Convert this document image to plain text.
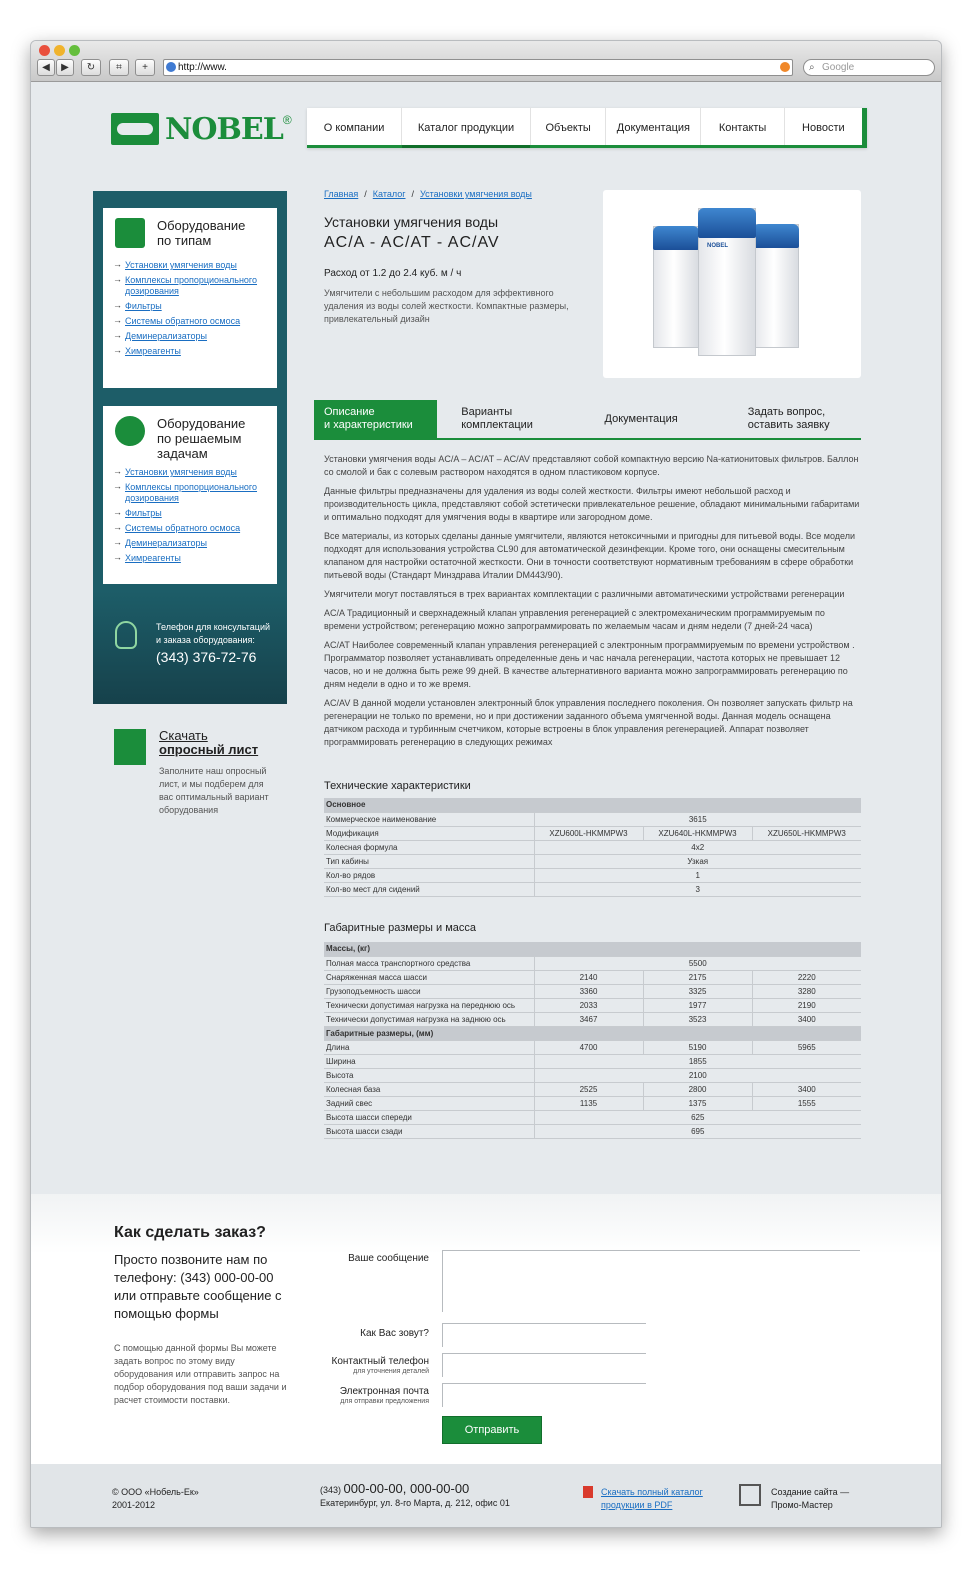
◀	▶	↻	⌗	+	http://www.	⌕ Google
NOBEL ®
О компании	Каталог продукции	Объекты	Документация	Контакты	Новости
Оборудование
по типам
→ Установки умягчения воды
→ Комплексы пропорционального дозирования
→ Фильтры
→ Системы обратного осмоса
→ Деминерализаторы
→ Химреагенты
Оборудование
по решаемым
задачам
→ Установки умягчения воды
→ Комплексы пропорционального дозирования
→ Фильтры
→ Системы обратного осмоса
→ Деминерализаторы
→ Химреагенты
Телефон для консультаций
и заказа оборудования:
(343) 376-72-76
Скачать
опросный лист
Заполните наш опросный лист, и мы подберем для вас оптимальный вариант оборудования
Главная / Каталог / Установки умягчения воды
Установки умягчения воды
AC/A - AC/AT - AC/AV
Расход от 1.2 до 2.4 куб. м / ч
Умягчители с небольшим расходом для эффективного удаления из воды солей жесткости. Компактные размеры, привлекательный дизайн
NOBEL
Описание
и характеристики
Варианты
комплектации
Документация
Задать вопрос,
оставить заявку

Установки умягчения воды AC/A – AC/AT – AC/AV представляют собой компактную версию Na-катионитовых фильтров. Баллон со смолой и бак с солевым раствором находятся в одном пластиковом корпусе.

Данные фильтры предназначены для удаления из воды солей жесткости. Фильтры имеют небольшой расход и производительность цикла, представляют собой эстетически привлекательное решение, обладают минимальными габаритами и оптимально подходят для умягчения воды в квартире или загородном доме.

Все материалы, из которых сделаны данные умягчители, являются нетоксичными и пригодны для питьевой воды. Все модели подходят для использования устройства CL90 для автоматической дезинфекции. Кроме того, они оснащены смесительным клапаном для настройки остаточной жесткости. Они в точности соответствуют нормативным требованиям в сфере обработки питьевой воды (Стандарт Минздрава Италии DM443/90).

Умягчители могут поставляться в трех вариантах комплектации с различными автоматическими устройствами регенерации

AC/A Традиционный и сверхнадежный клапан управления регенерацией с электромеханическим программируемым по времени устройством; регенерацию можно запрограммировать по желаемым часам и дням недели (7 дней-24 часа)

AC/AT Наиболее современный клапан управления регенерацией с электронным программируемым по времени устройством . Программатор позволяет устанавливать определенные день и час начала регенерации, частота которых не превышает 12 часов, но и не должна быть реже 99 дней. В качестве альтернативного варианта можно запрограммировать регенерацию по дням недели в одно и то же время.

AC/AV В данной модели установлен электронный блок управления последнего поколения. Он позволяет запускать фильтр на регенерации не только по времени, но и при достижении заданного объема умягченной воды. Данная модель оснащена датчиком расхода и турбинным счетчиком, которые встроены в блок управления регенерацией. Аппарат позволяет программировать регенерацию в следующих режимах

Технические характеристики
Основное			
Коммерческое наименование	3615		
Модификация	XZU600L-HKMMPW3	XZU640L-HKMMPW3	XZU650L-HKMMPW3
Колесная формула	4x2		
Тип кабины	Узкая		
Кол-во рядов	1		
Кол-во мест для сидений	3		
Габаритные размеры и масса
Массы, (кг)			
Полная масса транспортного средства	5500		
Снаряженная масса шасси	2140	2175	2220
Грузоподъемность шасси	3360	3325	3280
Технически допустимая нагрузка на переднюю ось	2033	1977	2190
Технически допустимая нагрузка на заднюю ось	3467	3523	3400
Габаритные размеры, (мм)			
Длина	4700	5190	5965
Ширина	1855		
Высота	2100		
Колесная база	2525	2800	3400
Задний свес	1135	1375	1555
Высота шасси спереди	625		
Высота шасси сзади	695		
Как сделать заказ?
Просто позвоните нам по телефону: (343) 000-00-00 или отправьте сообщение с помощью формы
С помощью данной формы Вы можете задать вопрос по этому виду оборудования или отправить запрос на подбор оборудования под ваши задачи и расчет стоимости поставки.
Ваше сообщение
Как Вас зовут?
Контактный телефон
для уточнения деталей
Электронная почта
для отправки предложения
Отправить
© ООО «Нобель-Ек»
2001-2012
(343) 000-00-00, 000-00-00
Екатеринбург, ул. 8-го Марта, д. 212, офис 01
Скачать полный каталог
продукции в PDF
Создание сайта —
Промо-Мастер
